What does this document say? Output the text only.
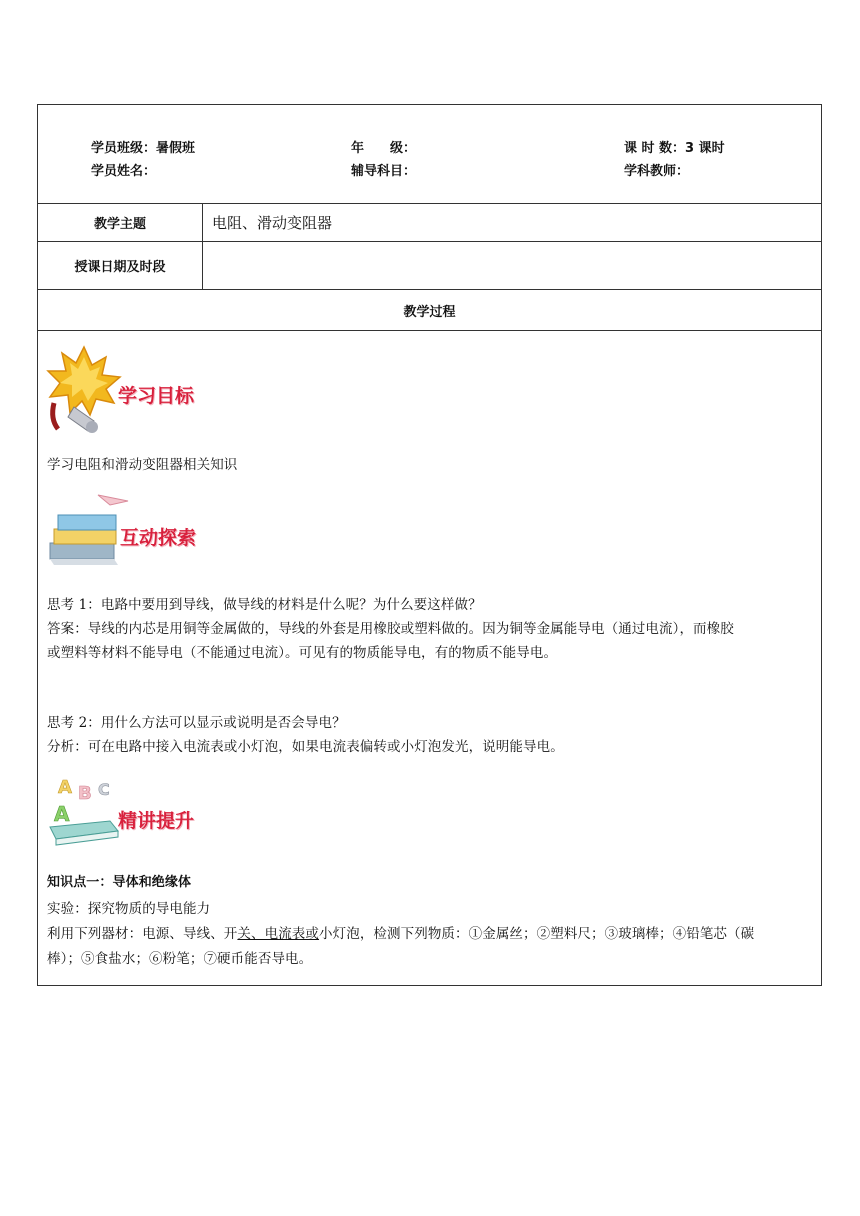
学员班级：暑假班	年　　级：	课 时 数：3 课时
学员姓名：	辅导科目：	学科教师：
教学主题	电阻、滑动变阻器
授课日期及时段
教学过程
学习目标
学习电阻和滑动变阻器相关知识
互动探索
思考 1：电路中要用到导线，做导线的材料是什么呢？为什么要这样做？
答案：导线的内芯是用铜等金属做的，导线的外套是用橡胶或塑料做的。因为铜等金属能导电（通过电流），而橡胶
或塑料等材料不能导电（不能通过电流）。可见有的物质能导电，有的物质不能导电。
思考 2：用什么方法可以显示或说明是否会导电？
分析：可在电路中接入电流表或小灯泡，如果电流表偏转或小灯泡发光，说明能导电。
A B C
A	精讲提升
知识点一：导体和绝缘体
实验：探究物质的导电能力
利用下列器材：电源、导线、开关、电流表或小灯泡，检测下列物质：①金属丝；②塑料尺；③玻璃棒；④铅笔芯（碳
棒）；⑤食盐水；⑥粉笔；⑦硬币能否导电。
